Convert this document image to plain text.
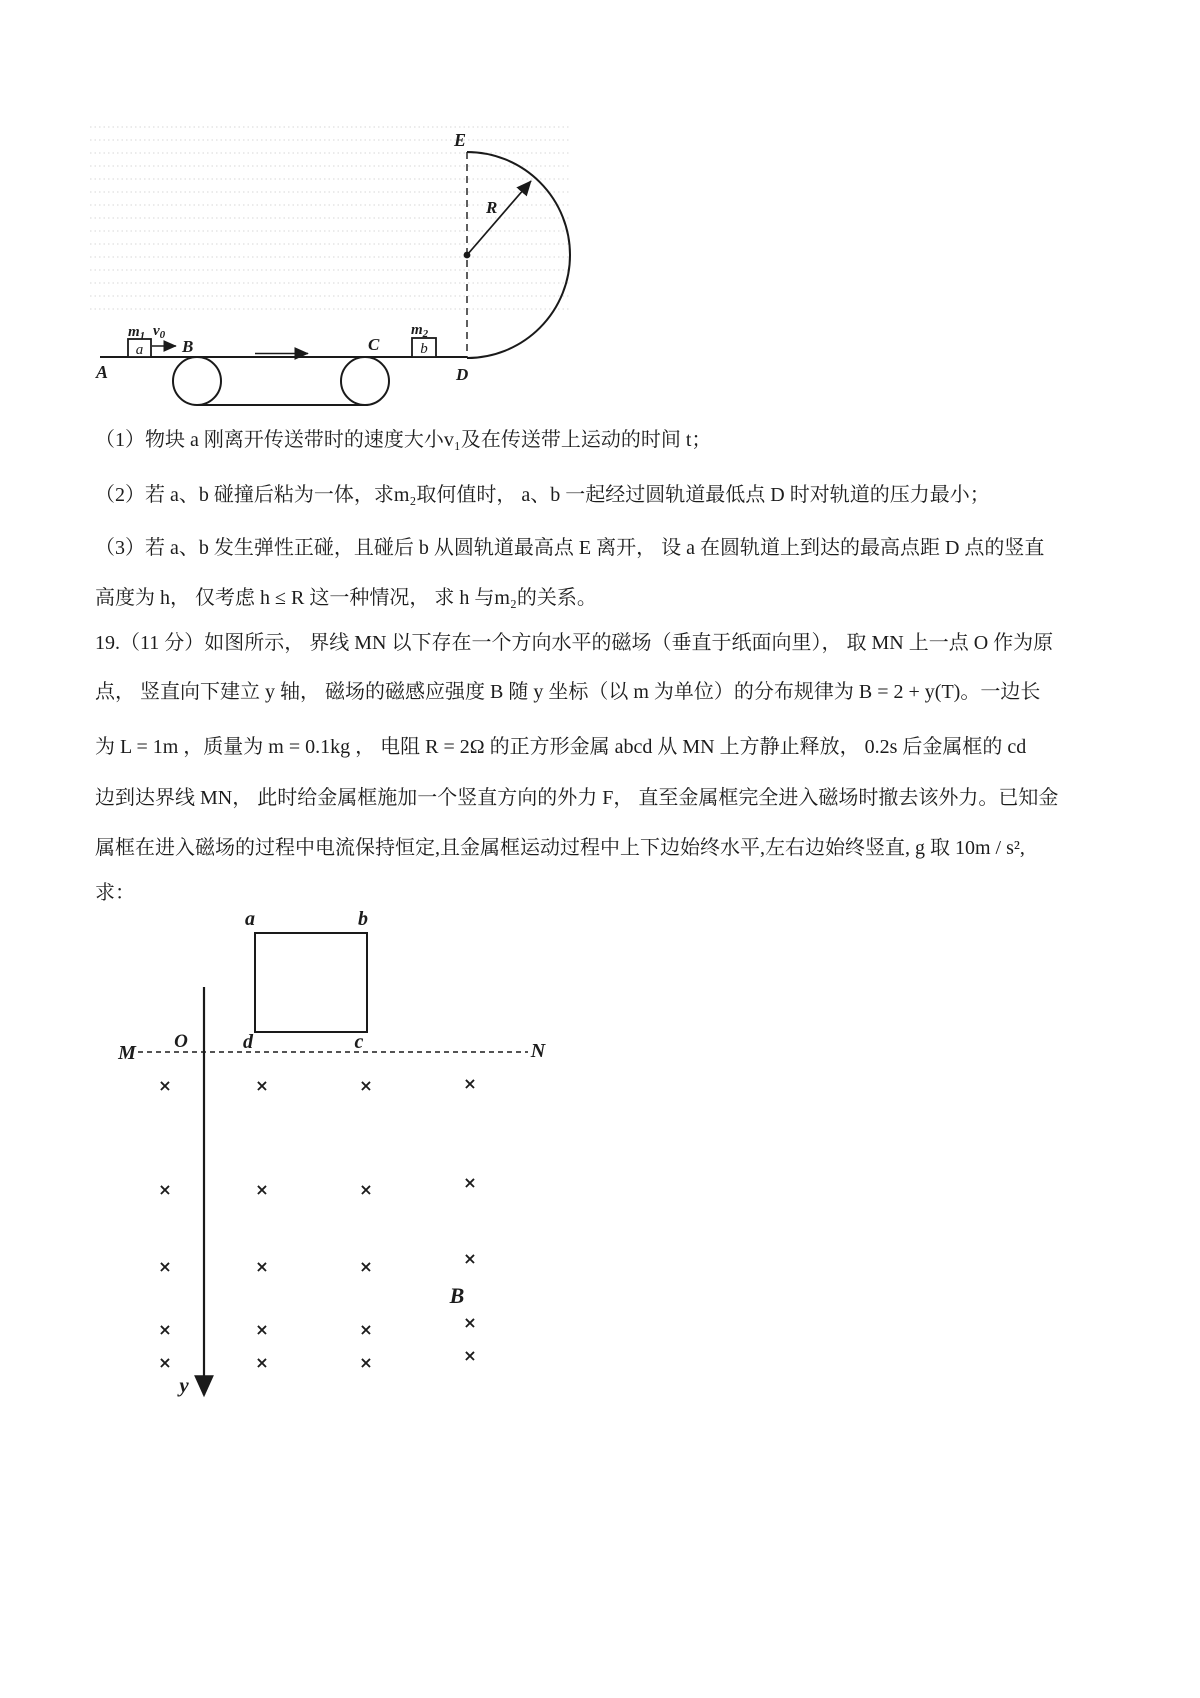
E
R
a
$m_1$ $v_0$
B	C	b
$m_2$
A	D
（1）物块 a 刚离开传送带时的速度大小v₁及在传送带上运动的时间 t；
（2）若 a、b 碰撞后粘为一体，求m₂取何值时， a、b 一起经过圆轨道最低点 D 时对轨道的压力最小；
（3）若 a、b 发生弹性正碰，且碰后 b 从圆轨道最高点 E 离开， 设 a 在圆轨道上到达的最高点距 D 点的竖直
高度为 h， 仅考虑 h ≤ R 这一种情况， 求 h 与m₂的关系。
19.（11 分）如图所示， 界线 MN 以下存在一个方向水平的磁场（垂直于纸面向里）， 取 MN 上一点 O 作为原
点， 竖直向下建立 y 轴， 磁场的磁感应强度 B 随 y 坐标（以 m 为单位）的分布规律为 B = 2 + y(T)。一边长
为 L = 1m ，质量为 m = 0.1kg ， 电阻 R = 2Ω 的正方形金属 abcd 从 MN 上方静止释放， 0.2s 后金属框的 cd
边到达界线 MN， 此时给金属框施加一个竖直方向的外力 F， 直至金属框完全进入磁场时撤去该外力。已知金
属框在进入磁场的过程中电流保持恒定,且金属框运动过程中上下边始终水平,左右边始终竖直, g 取 10m / s²,
求：
a	b
d	c
M	N
O
y
×	×	×	×
×	×	×	×
×	×	×	×
×	×	×	×
×	×	×	×
B
